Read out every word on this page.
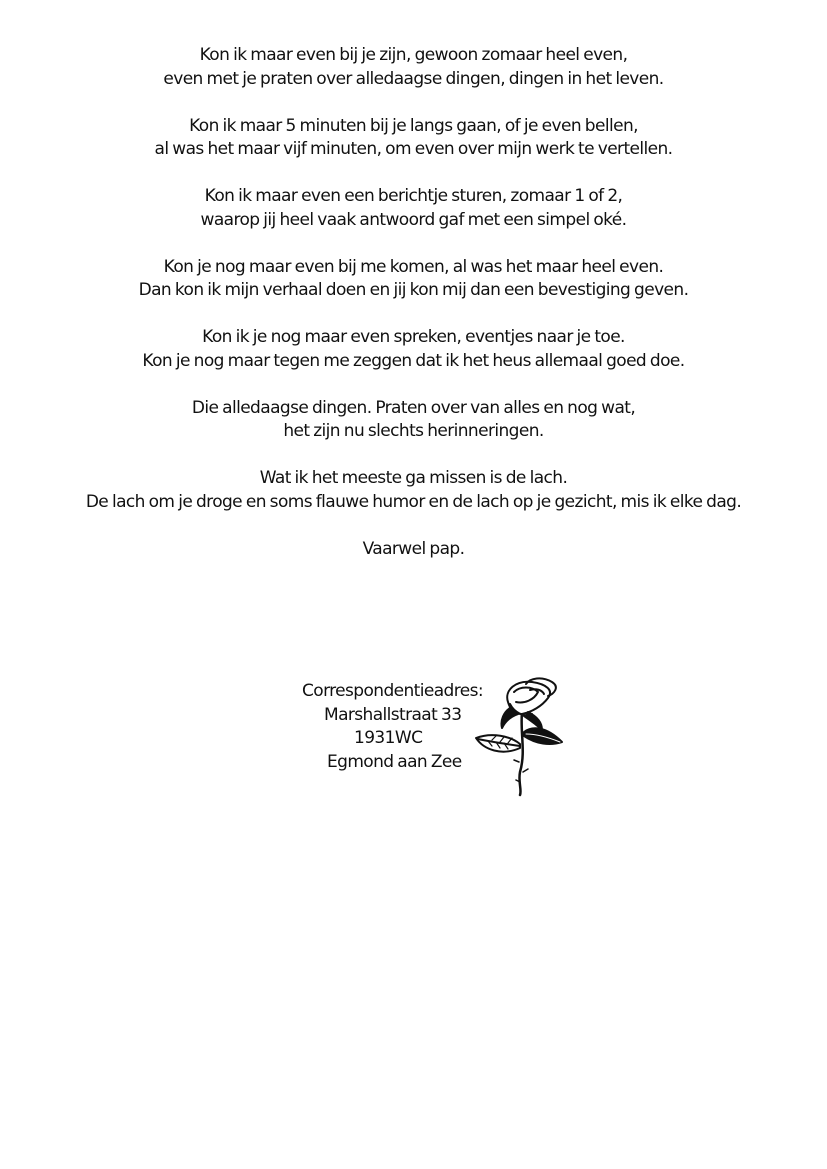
Kon ik maar even bij je zijn, gewoon zomaar heel even,
even met je praten over alledaagse dingen, dingen in het leven.
Kon ik maar 5 minuten bij je langs gaan, of je even bellen,
al was het maar vijf minuten, om even over mijn werk te vertellen.
Kon ik maar even een berichtje sturen, zomaar 1 of 2,
waarop jij heel vaak antwoord gaf met een simpel oké.
Kon je nog maar even bij me komen, al was het maar heel even.
Dan kon ik mijn verhaal doen en jij kon mij dan een bevestiging geven.
Kon ik je nog maar even spreken, eventjes naar je toe.
Kon je nog maar tegen me zeggen dat ik het heus allemaal goed doe.
Die alledaagse dingen. Praten over van alles en nog wat,
het zijn nu slechts herinneringen.
Wat ik het meeste ga missen is de lach.
De lach om je droge en soms flauwe humor en de lach op je gezicht, mis ik elke dag.
Vaarwel pap.
Correspondentieadres:
Marshallstraat 33
1931WC
Egmond aan Zee
